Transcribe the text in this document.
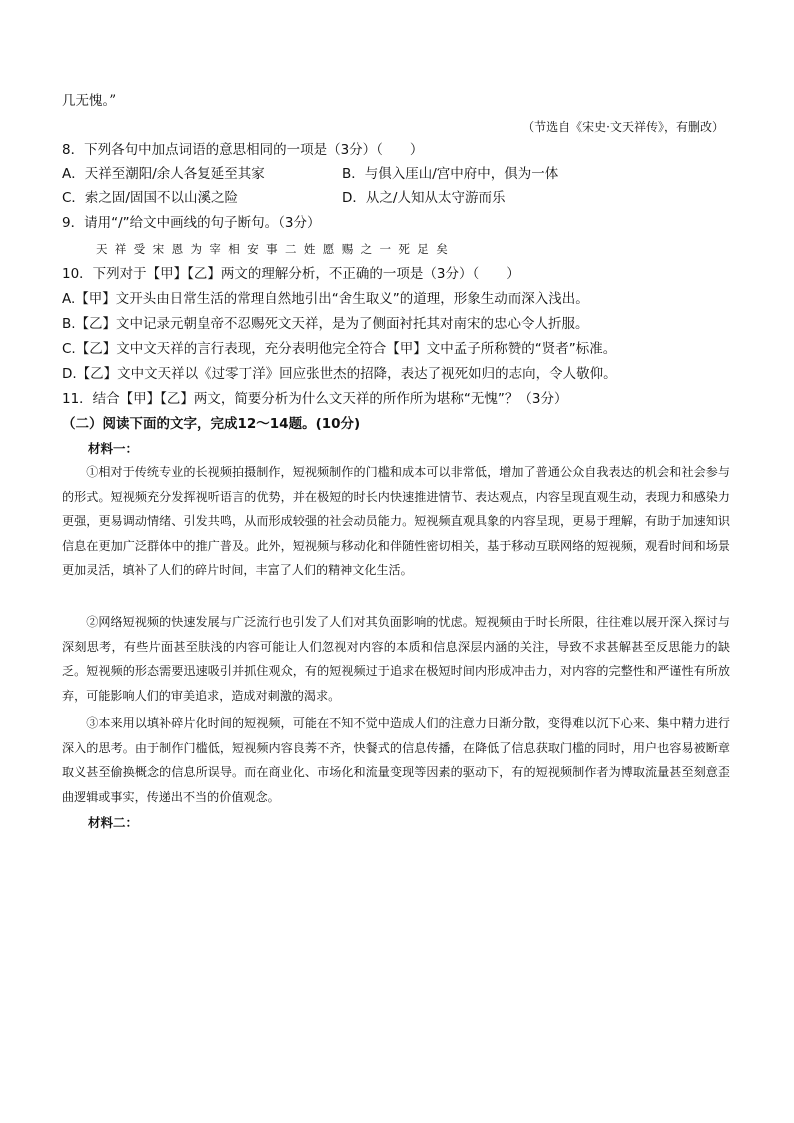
几无愧。”
（节选自《宋史·文天祥传》，有删改）
8．下列各句中加点词语的意思相同的一项是（3分）（　　）
A．天祥至潮阳/余人各复延至其家	B．与俱入厓山/宫中府中，俱为一体
C．索之固/固国不以山溪之险	D．从之/人知从太守游而乐
9．请用“/”给文中画线的句子断句。（3分）
天祥受宋恩为宰相安事二姓愿赐之一死足矣
10．下列对于【甲】【乙】两文的理解分析，不正确的一项是（3分）（　　）
A.【甲】文开头由日常生活的常理自然地引出“舍生取义”的道理，形象生动而深入浅出。
B.【乙】文中记录元朝皇帝不忍赐死文天祥，是为了侧面衬托其对南宋的忠心令人折服。
C.【乙】文中文天祥的言行表现，充分表明他完全符合【甲】文中孟子所称赞的“贤者”标准。
D.【乙】文中文天祥以《过零丁洋》回应张世杰的招降，表达了视死如归的志向，令人敬仰。
11．结合【甲】【乙】两文，简要分析为什么文天祥的所作所为堪称“无愧”？（3分）
（二）阅读下面的文字，完成12～14题。(10分)
材料一：
①相对于传统专业的长视频拍摄制作，短视频制作的门槛和成本可以非常低，增加了普通公众自我表达的机会和社会参与的形式。短视频充分发挥视听语言的优势，并在极短的时长内快速推进情节、表达观点，内容呈现直观生动，表现力和感染力更强，更易调动情绪、引发共鸣，从而形成较强的社会动员能力。短视频直观具象的内容呈现，更易于理解，有助于加速知识信息在更加广泛群体中的推广普及。此外，短视频与移动化和伴随性密切相关，基于移动互联网络的短视频，观看时间和场景更加灵活，填补了人们的碎片时间，丰富了人们的精神文化生活。
②网络短视频的快速发展与广泛流行也引发了人们对其负面影响的忧虑。短视频由于时长所限，往往难以展开深入探讨与深刻思考，有些片面甚至肤浅的内容可能让人们忽视对内容的本质和信息深层内涵的关注，导致不求甚解甚至反思能力的缺乏。短视频的形态需要迅速吸引并抓住观众，有的短视频过于追求在极短时间内形成冲击力，对内容的完整性和严谨性有所放弃，可能影响人们的审美追求，造成对刺激的渴求。
③本来用以填补碎片化时间的短视频，可能在不知不觉中造成人们的注意力日渐分散，变得难以沉下心来、集中精力进行深入的思考。由于制作门槛低，短视频内容良莠不齐，快餐式的信息传播，在降低了信息获取门槛的同时，用户也容易被断章取义甚至偷换概念的信息所误导。而在商业化、市场化和流量变现等因素的驱动下，有的短视频制作者为博取流量甚至刻意歪曲逻辑或事实，传递出不当的价值观念。
材料二：
